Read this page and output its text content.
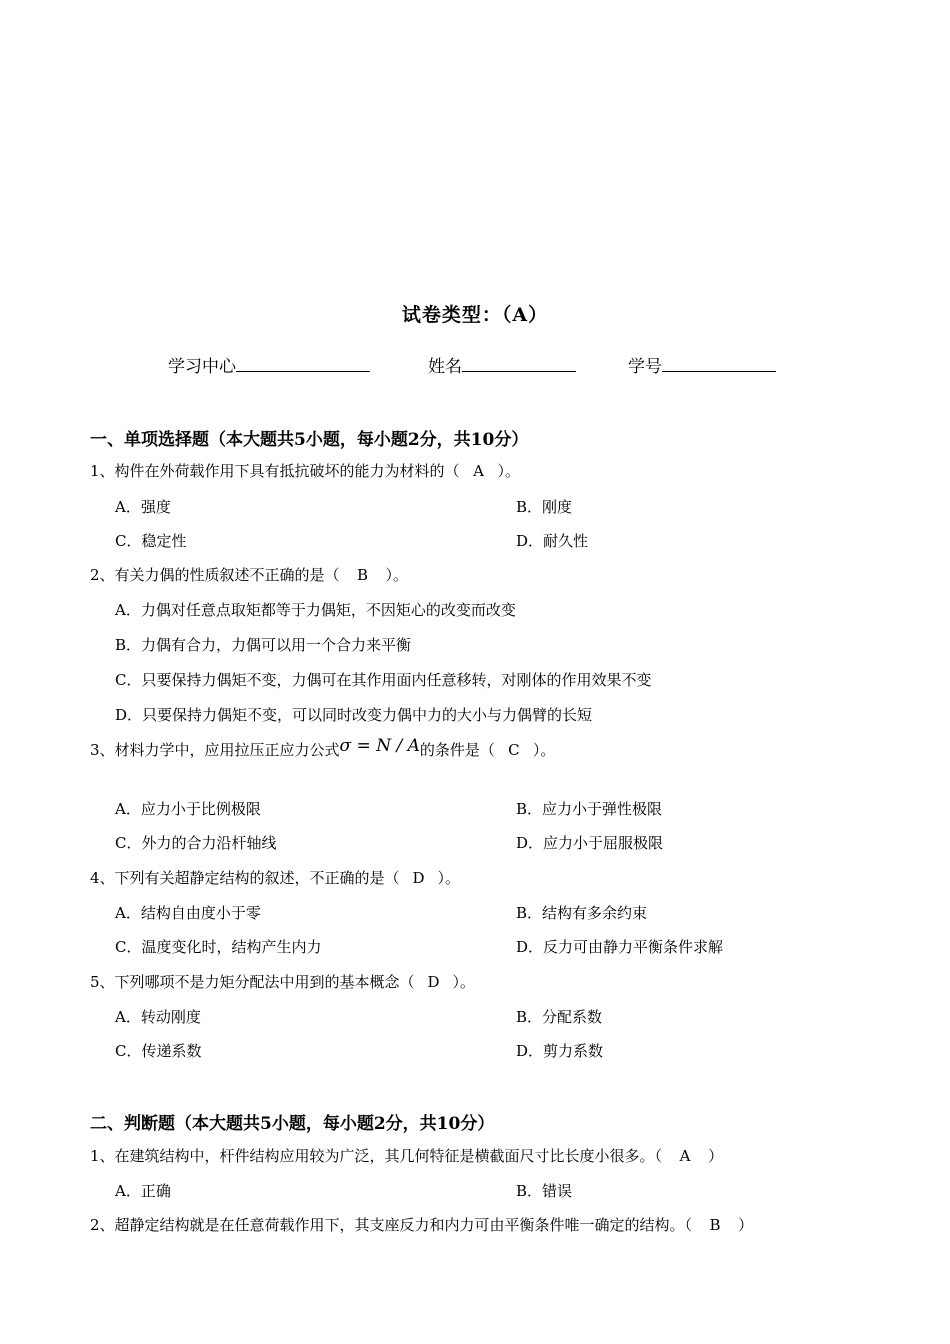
试卷类型：（A）
学习中心	姓名	学号
一、单项选择题（本大题共5小题，每小题2分，共10分）
1、构件在外荷载作用下具有抵抗破坏的能力为材料的（ A ）。
A．强度	B．刚度
C．稳定性	D．耐久性
2、有关力偶的性质叙述不正确的是（ B ）。
A．力偶对任意点取矩都等于力偶矩，不因矩心的改变而改变
B．力偶有合力，力偶可以用一个合力来平衡
C．只要保持力偶矩不变，力偶可在其作用面内任意移转，对刚体的作用效果不变
D．只要保持力偶矩不变，可以同时改变力偶中力的大小与力偶臂的长短
3、材料力学中，应用拉压正应力公式σ = N / A的条件是（ C ）。
A．应力小于比例极限	B．应力小于弹性极限
C．外力的合力沿杆轴线	D．应力小于屈服极限
4、下列有关超静定结构的叙述，不正确的是（ D ）。
A．结构自由度小于零	B．结构有多余约束
C．温度变化时，结构产生内力	D．反力可由静力平衡条件求解
5、下列哪项不是力矩分配法中用到的基本概念（ D ）。
A．转动刚度	B．分配系数
C．传递系数	D．剪力系数
二、判断题（本大题共5小题，每小题2分，共10分）
1、在建筑结构中，杆件结构应用较为广泛，其几何特征是横截面尺寸比长度小很多。（ A ）
A．正确	B．错误
2、超静定结构就是在任意荷载作用下，其支座反力和内力可由平衡条件唯一确定的结构。（ B ）
